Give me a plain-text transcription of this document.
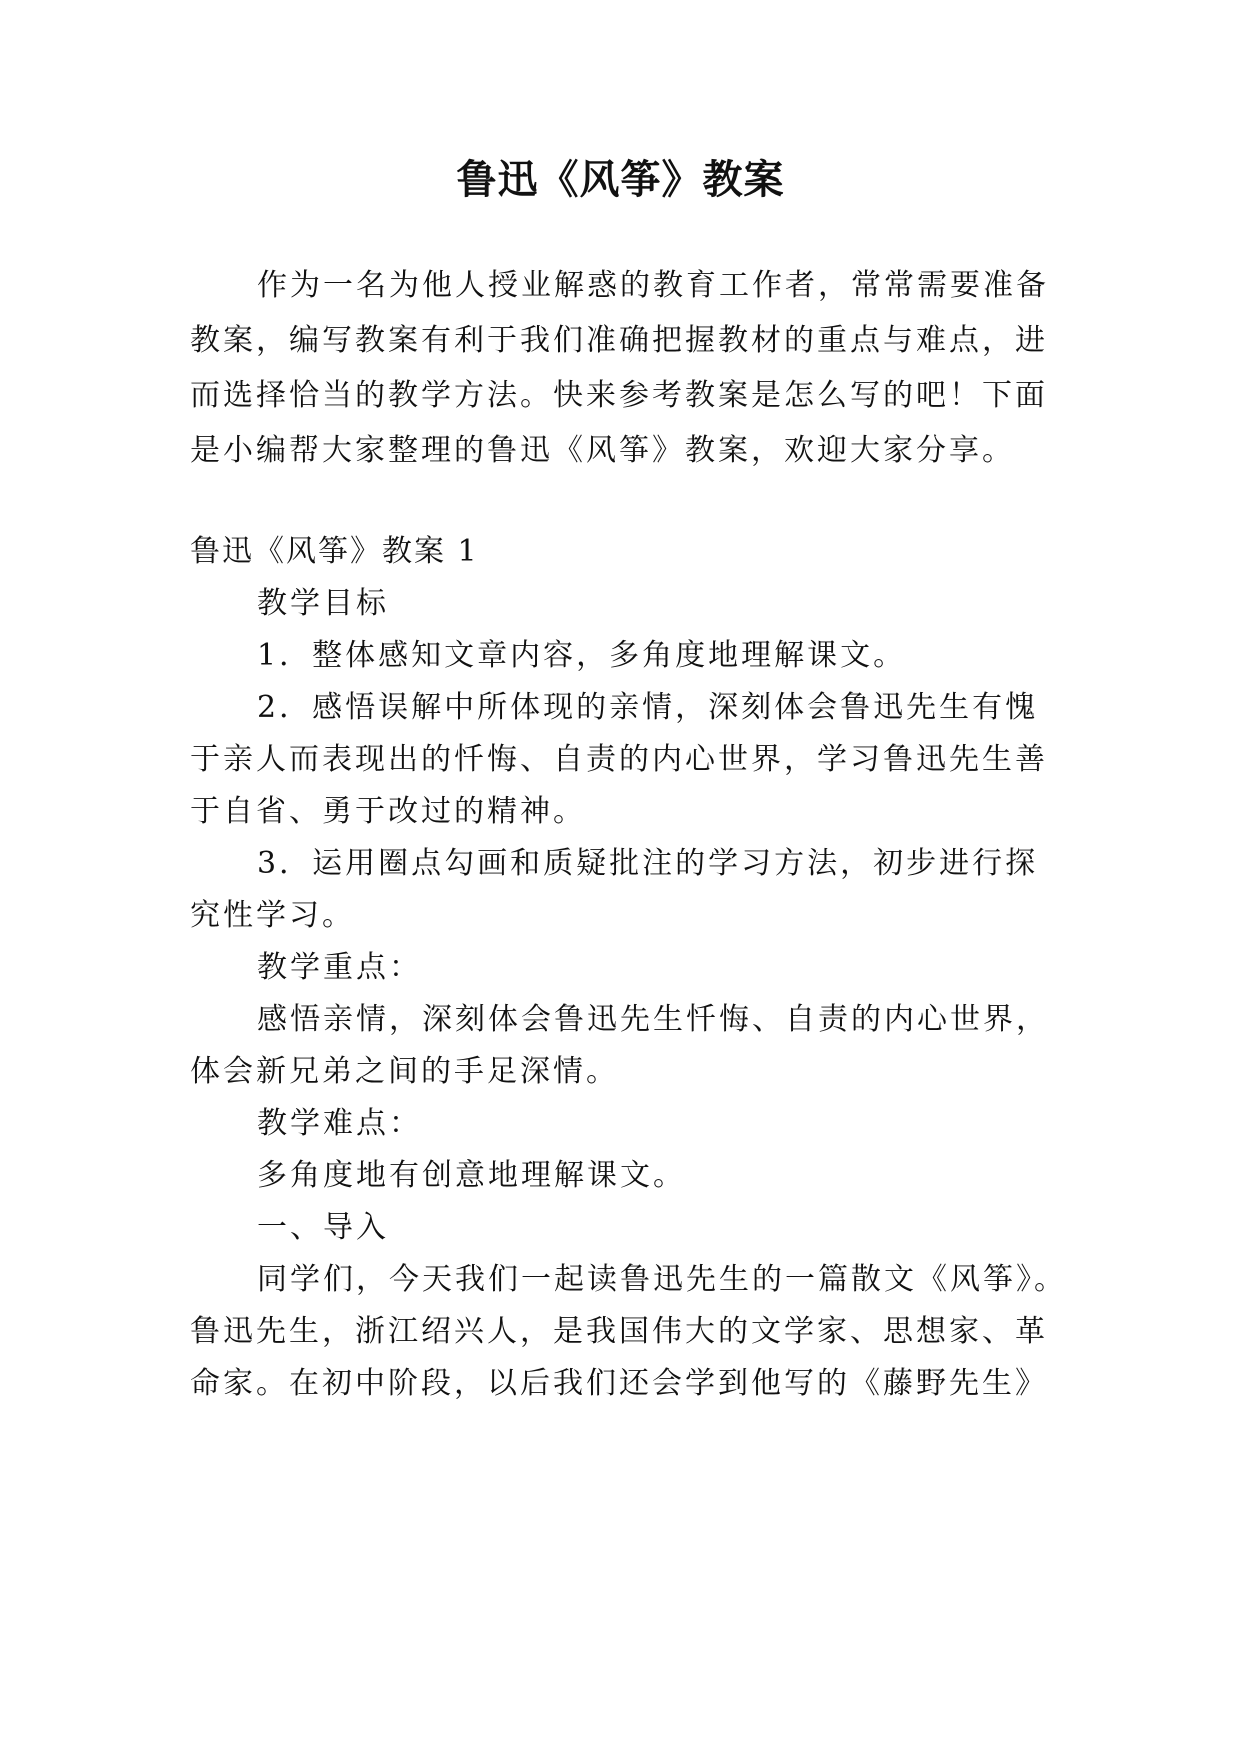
鲁迅《风筝》教案

作为一名为他人授业解惑的教育工作者，常常需要准备

教案，编写教案有利于我们准确把握教材的重点与难点，进

而选择恰当的教学方法。快来参考教案是怎么写的吧！下面

是小编帮大家整理的鲁迅《风筝》教案，欢迎大家分享。

鲁迅《风筝》教案 1

教学目标

1．整体感知文章内容，多角度地理解课文。

2．感悟误解中所体现的亲情，深刻体会鲁迅先生有愧

于亲人而表现出的忏悔、自责的内心世界，学习鲁迅先生善

于自省、勇于改过的精神。

3．运用圈点勾画和质疑批注的学习方法，初步进行探

究性学习。

教学重点：

感悟亲情，深刻体会鲁迅先生忏悔、自责的内心世界，

体会新兄弟之间的手足深情。

教学难点：

多角度地有创意地理解课文。

一、导入

同学们，今天我们一起读鲁迅先生的一篇散文《风筝》。

鲁迅先生，浙江绍兴人，是我国伟大的文学家、思想家、革

命家。在初中阶段，以后我们还会学到他写的《藤野先生》
